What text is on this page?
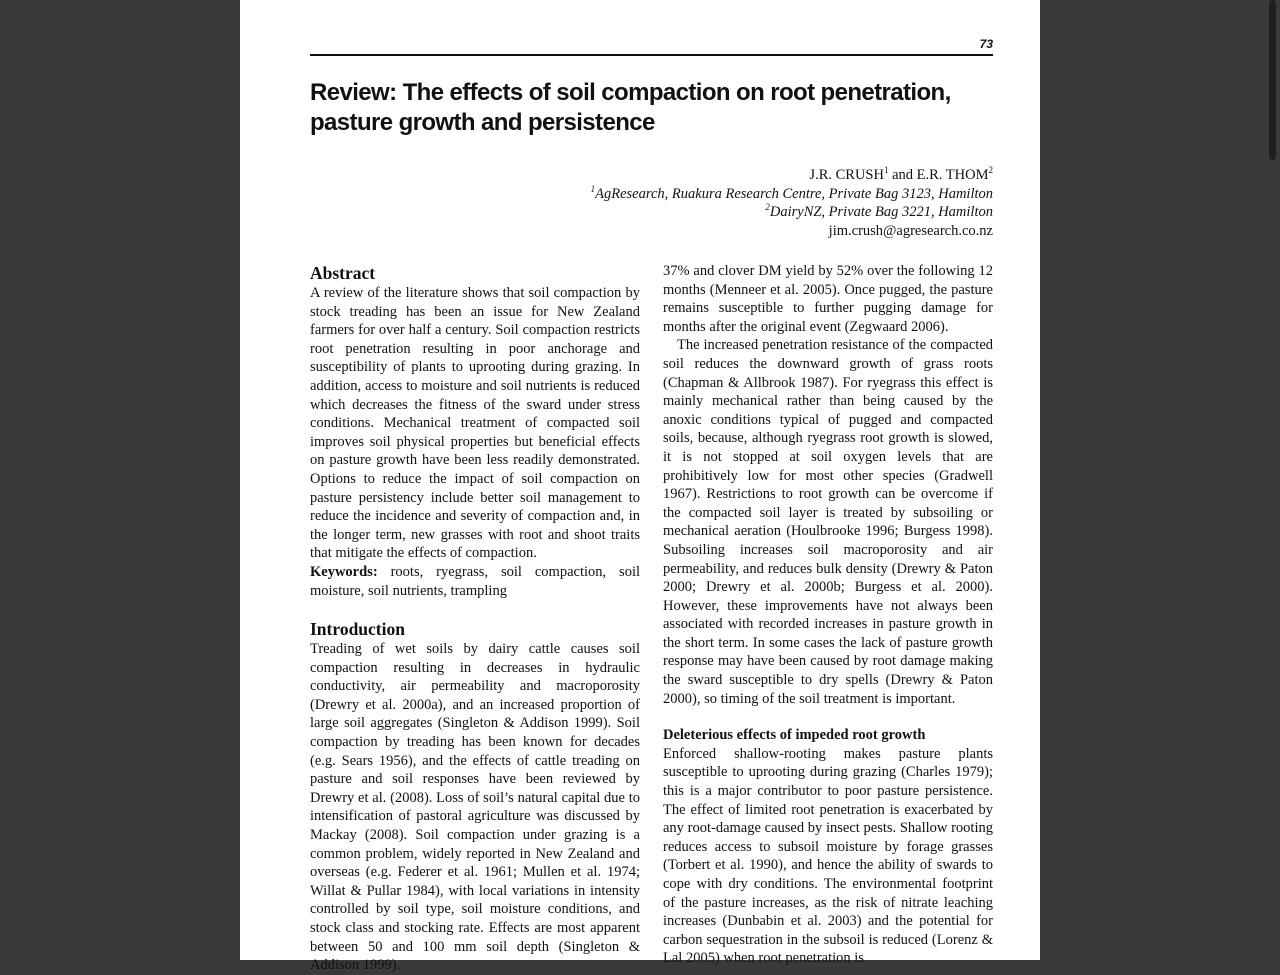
73
Review: The effects of soil compaction on root penetration, pasture growth and persistence
J.R. CRUSH$^1$ and E.R. THOM$^2$
$^1$AgResearch, Ruakura Research Centre, Private Bag 3123, Hamilton
$^2$DairyNZ, Private Bag 3221, Hamilton
jim.crush@agresearch.co.nz

Abstract

A review of the literature shows that soil compaction by stock treading has been an issue for New Zealand farmers for over half a century. Soil compaction restricts root penetration resulting in poor anchorage and susceptibility of plants to uprooting during grazing. In addition, access to moisture and soil nutrients is reduced which decreases the fitness of the sward under stress conditions. Mechanical treatment of compacted soil improves soil physical properties but beneficial effects on pasture growth have been less readily demonstrated. Options to reduce the impact of soil compaction on pasture persistency include better soil management to reduce the incidence and severity of compaction and, in the longer term, new grasses with root and shoot traits that mitigate the effects of compaction.

Keywords: roots, ryegrass, soil compaction, soil moisture, soil nutrients, trampling

Introduction

Treading of wet soils by dairy cattle causes soil compaction resulting in decreases in hydraulic conductivity, air permeability and macroporosity (Drewry et al. 2000a), and an increased proportion of large soil aggregates (Singleton & Addison 1999). Soil compaction by treading has been known for decades (e.g. Sears 1956), and the effects of cattle treading on pasture and soil responses have been reviewed by Drewry et al. (2008). Loss of soil’s natural capital due to intensification of pastoral agriculture was discussed by Mackay (2008). Soil compaction under grazing is a common problem, widely reported in New Zealand and overseas (e.g. Federer et al. 1961; Mullen et al. 1974; Willat & Pullar 1984), with local variations in intensity controlled by soil type, soil moisture conditions, and stock class and stocking rate. Effects are most apparent between 50 and 100 mm soil depth (Singleton & Addison 1999).

37% and clover DM yield by 52% over the following 12 months (Menneer et al. 2005). Once pugged, the pasture remains susceptible to further pugging damage for months after the original event (Zegwaard 2006).

The increased penetration resistance of the compacted soil reduces the downward growth of grass roots (Chapman & Allbrook 1987). For ryegrass this effect is mainly mechanical rather than being caused by the anoxic conditions typical of pugged and compacted soils, because, although ryegrass root growth is slowed, it is not stopped at soil oxygen levels that are prohibitively low for most other species (Gradwell 1967). Restrictions to root growth can be overcome if the compacted soil layer is treated by subsoiling or mechanical aeration (Houlbrooke 1996; Burgess 1998). Subsoiling increases soil macroporosity and air permeability, and reduces bulk density (Drewry & Paton 2000; Drewry et al. 2000b; Burgess et al. 2000). However, these improvements have not always been associated with recorded increases in pasture growth in the short term. In some cases the lack of pasture growth response may have been caused by root damage making the sward susceptible to dry spells (Drewry & Paton 2000), so timing of the soil treatment is important.

Deleterious effects of impeded root growth

Enforced shallow-rooting makes pasture plants susceptible to uprooting during grazing (Charles 1979); this is a major contributor to poor pasture persistence. The effect of limited root penetration is exacerbated by any root-damage caused by insect pests. Shallow rooting reduces access to subsoil moisture by forage grasses (Torbert et al. 1990), and hence the ability of swards to cope with dry conditions. The environmental footprint of the pasture increases, as the risk of nitrate leaching increases (Dunbabin et al. 2003) and the potential for carbon sequestration in the subsoil is reduced (Lorenz & Lal 2005) when root penetration is
